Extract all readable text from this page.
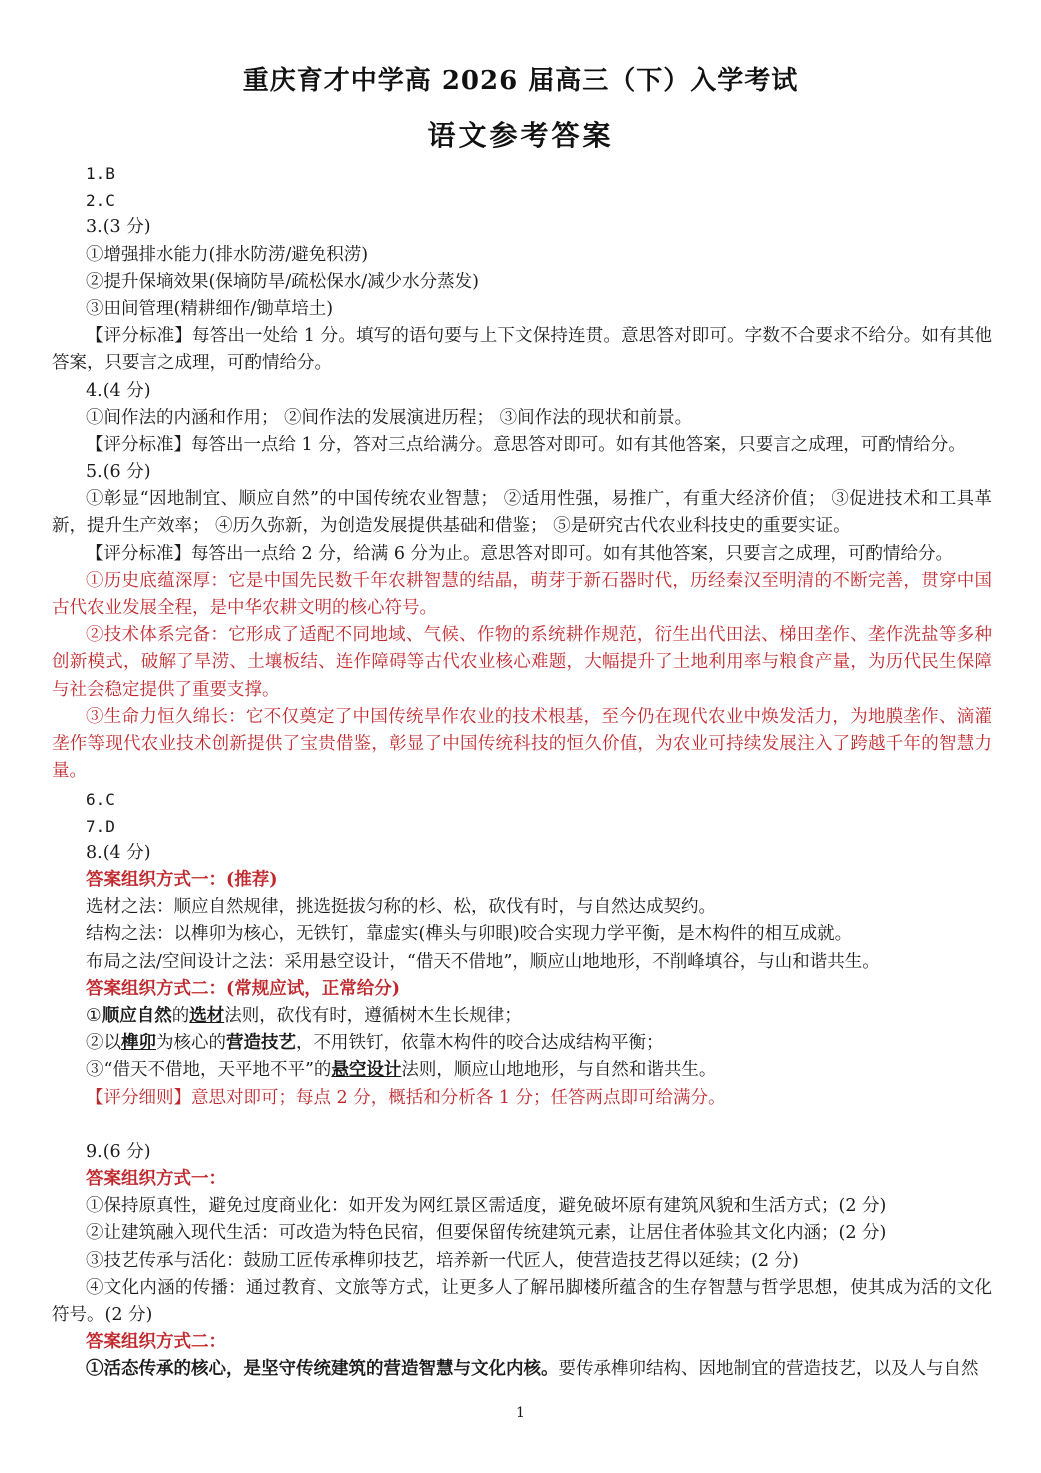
重庆育才中学高 2026 届高三（下）入学考试
语文参考答案
1.B
2.C
3.(3 分)
①增强排水能力(排水防涝/避免积涝)
②提升保墒效果(保墒防旱/疏松保水/减少水分蒸发)
③田间管理(精耕细作/锄草培土)
【评分标准】每答出一处给 1 分。填写的语句要与上下文保持连贯。意思答对即可。字数不合要求不给分。如有其他答案，只要言之成理，可酌情给分。
4.(4 分)
①间作法的内涵和作用； ②间作法的发展演进历程； ③间作法的现状和前景。
【评分标准】每答出一点给 1 分，答对三点给满分。意思答对即可。如有其他答案，只要言之成理，可酌情给分。
5.(6 分)
①彰显“因地制宜、顺应自然”的中国传统农业智慧； ②适用性强，易推广，有重大经济价值； ③促进技术和工具革新，提升生产效率； ④历久弥新，为创造发展提供基础和借鉴； ⑤是研究古代农业科技史的重要实证。
【评分标准】每答出一点给 2 分，给满 6 分为止。意思答对即可。如有其他答案，只要言之成理，可酌情给分。
①历史底蕴深厚：它是中国先民数千年农耕智慧的结晶，萌芽于新石器时代，历经秦汉至明清的不断完善，贯穿中国古代农业发展全程，是中华农耕文明的核心符号。
②技术体系完备：它形成了适配不同地域、气候、作物的系统耕作规范，衍生出代田法、梯田垄作、垄作洗盐等多种创新模式，破解了旱涝、土壤板结、连作障碍等古代农业核心难题，大幅提升了土地利用率与粮食产量，为历代民生保障与社会稳定提供了重要支撑。
③生命力恒久绵长：它不仅奠定了中国传统旱作农业的技术根基，至今仍在现代农业中焕发活力，为地膜垄作、滴灌垄作等现代农业技术创新提供了宝贵借鉴，彰显了中国传统科技的恒久价值，为农业可持续发展注入了跨越千年的智慧力量。
6.C
7.D
8.(4 分)
答案组织方式一：(推荐)
选材之法：顺应自然规律，挑选挺拔匀称的杉、松，砍伐有时，与自然达成契约。
结构之法：以榫卯为核心，无铁钉，靠虚实(榫头与卯眼)咬合实现力学平衡，是木构件的相互成就。
布局之法/空间设计之法：采用悬空设计，“借天不借地”，顺应山地地形，不削峰填谷，与山和谐共生。
答案组织方式二：(常规应试，正常给分)
①顺应自然的选材法则，砍伐有时，遵循树木生长规律；
②以榫卯为核心的营造技艺，不用铁钉，依靠木构件的咬合达成结构平衡；
③“借天不借地，天平地不平”的悬空设计法则，顺应山地地形，与自然和谐共生。
【评分细则】意思对即可；每点 2 分，概括和分析各 1 分；任答两点即可给满分。
9.(6 分)
答案组织方式一：
①保持原真性，避免过度商业化：如开发为网红景区需适度，避免破坏原有建筑风貌和生活方式；(2 分)
②让建筑融入现代生活：可改造为特色民宿，但要保留传统建筑元素，让居住者体验其文化内涵；(2 分)
③技艺传承与活化：鼓励工匠传承榫卯技艺，培养新一代匠人，使营造技艺得以延续；(2 分)
④文化内涵的传播：通过教育、文旅等方式，让更多人了解吊脚楼所蕴含的生存智慧与哲学思想，使其成为活的文化符号。(2 分)
答案组织方式二：
①活态传承的核心，是坚守传统建筑的营造智慧与文化内核。要传承榫卯结构、因地制宜的营造技艺，以及人与自然
1
